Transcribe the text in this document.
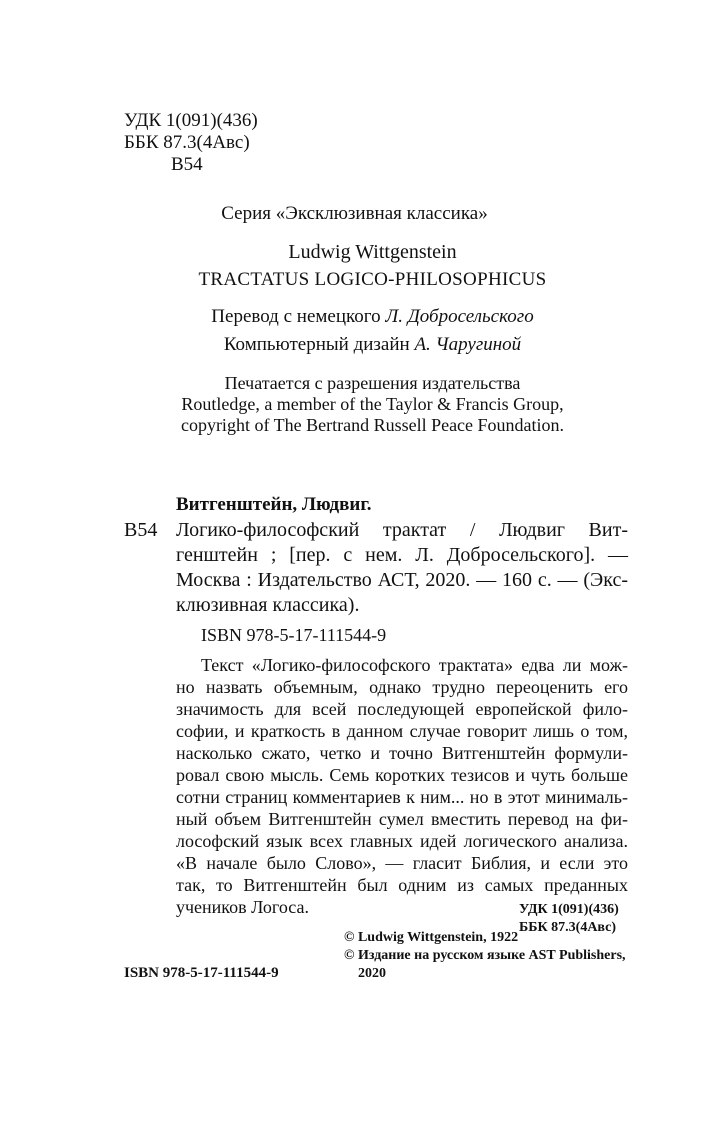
УДК 1(091)(436)
ББК 87.3(4Авс)
В54
Серия «Эксклюзивная классика»
Ludwig Wittgenstein
TRACTATUS LOGICO-PHILOSOPHICUS
Перевод с немецкого Л. Добросельского
Компьютерный дизайн А. Чаругиной
Печатается с разрешения издательства
Routledge, a member of the Taylor & Francis Group,
copyright of The Bertrand Russell Peace Foundation.
Витгенштейн, Людвиг.
В54 Логико-философский трактат / Людвиг Вит-
генштейн ; [пер. с нем. Л. Добросельского]. —
Москва : Издательство АСТ, 2020. — 160 с. — (Экс-
клюзивная классика).
ISBN 978-5-17-111544-9
Текст «Логико-философского трактата» едва ли мож-
но назвать объемным, однако трудно переоценить его
значимость для всей последующей европейской фило-
софии, и краткость в данном случае говорит лишь о том,
насколько сжато, четко и точно Витгенштейн формули-
ровал свою мысль. Семь коротких тезисов и чуть больше
сотни страниц комментариев к ним... но в этот минималь-
ный объем Витгенштейн сумел вместить перевод на фи-
лософский язык всех главных идей логического анализа.
«В начале было Слово», — гласит Библия, и если это
так, то Витгенштейн был одним из самых преданных
учеников Логоса.	УДК 1(091)(436)
ББК 87.3(4Авс)
ISBN 978-5-17-111544-9
© Ludwig Wittgenstein, 1922
© Издание на русском языке AST Publishers,
2020
